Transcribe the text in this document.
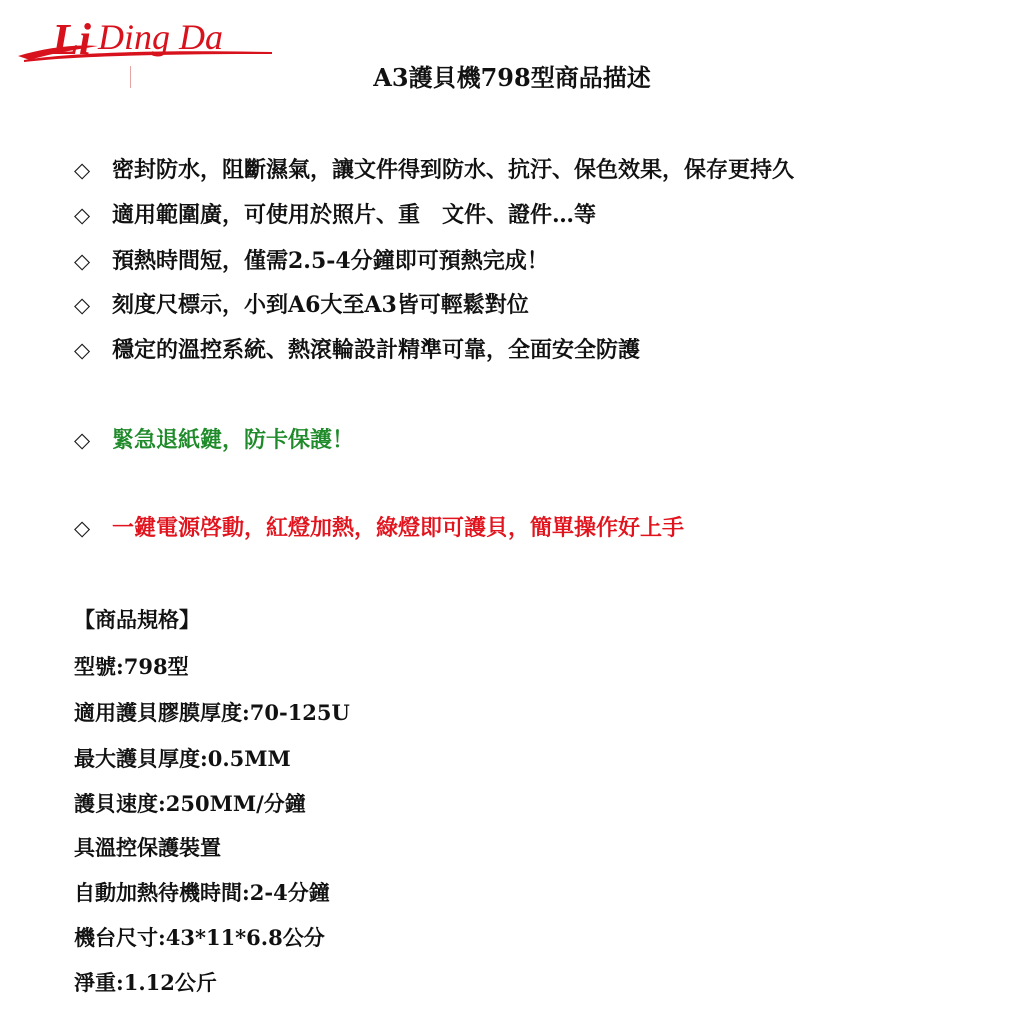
Li Ding Da
A3護貝機798型商品描述
◇ 密封防水，阻斷濕氣，讓文件得到防水、抗汙、保色效果，保存更持久
◇ 適用範圍廣，可使用於照片、重　文件、證件…等
◇ 預熱時間短，僅需2.5-4分鐘即可預熱完成！
◇ 刻度尺標示，小到A6大至A3皆可輕鬆對位
◇ 穩定的溫控系統、熱滾輪設計精準可靠，全面安全防護
◇ 緊急退紙鍵，防卡保護！
◇ 一鍵電源啓動，紅燈加熱，綠燈即可護貝，簡單操作好上手
【商品規格】
型號:798型
適用護貝膠膜厚度:70-125U
最大護貝厚度:0.5MM
護貝速度:250MM/分鐘
具溫控保護裝置
自動加熱待機時間:2-4分鐘
機台尺寸:43*11*6.8公分
淨重:1.12公斤
